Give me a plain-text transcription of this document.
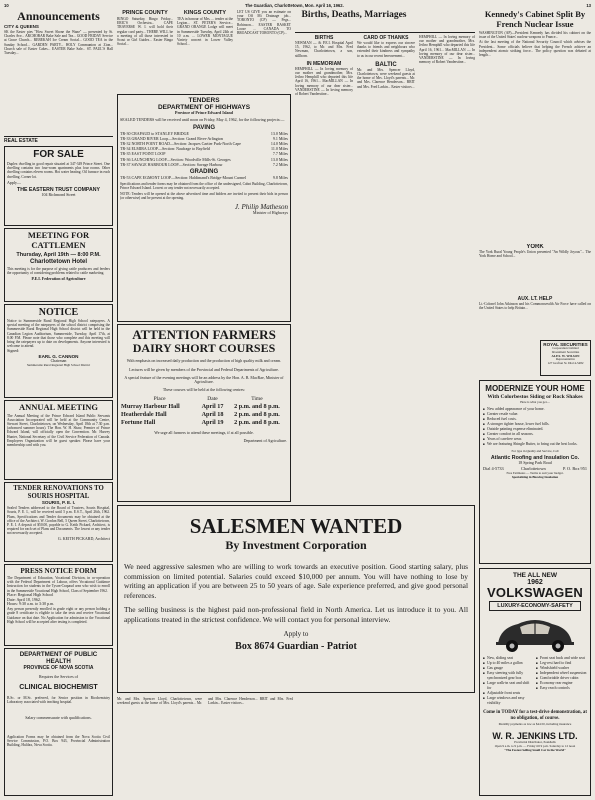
10	The Guardian, Charlottetown, Mon. April 16, 1962.	13
Announcements
CITY & QUEENS
SK the Easter pies "How Sweet Shone the Wane" — presented by St. Charles Ave... ARCHOBAR Bake Sale and Tea... GOOD FRIDAY Service at Grace Church... REBEKAH Ice Cream Social... GOOD TEA in the Sunday School... GARDEN PARTY... HOLY Communion at Zion... Church sale of Easter Cakes... EASTER Bake Sale... ST. PAUL'S Hall Tuesday...
REAL ESTATE
FOR SALE
Duplex dwelling in good repair situated at 347-349 Prince Street. One dwelling contains two four-room apartments plus four rooms. Other dwelling contains eleven rooms. Hot water heating. Oil furnace in each dwelling. Corner lot.
Apply—
THE EASTERN TRUST COMPANY
104 Richmond Street
MEETING FOR CATTLEMEN
Thursday, April 19th — 8:00 P.M.
Charlottetown Hotel
This meeting is for the purpose of giving cattle producers and feeders the opportunity of considering problems related to cattle marketing.
P.E.I. Federation of Agriculture
NOTICE
Notice to Summerside Rural Regional High School ratepayers. A special meeting of the ratepayers of the school district comprising the Summerside Rural Regional High School district will be held in the Canadian Legion Auditorium, Summerside, Tuesday, April 17th, at 8.00 P.M. Please note that those who complete and this meeting will bring the ratepayers up to date on developments. Anyone interested is welcome to attend.
Signed:
EARL G. CANNON
Chairman
Summerside Rural Regional High School District
ANNUAL MEETING
The Annual Meeting of the Prince Edward Island Public Servants Association Incorporated will be held at the Community Centre, Stewart Street, Charlottetown, on Wednesday, April 18th at 7.30 p.m. (advanced summer hours). The Hon. W. H. Shaw, Premier of Prince Edward Island, will officially open the Convention. Mr. Harvey Hunter, National Secretary of the Civil Service Federation of Canada. Employees Organization will be guest speaker. Please have your membership card with you.
TENDER RENOVATIONS TO SOURIS HOSPITAL
SOURIS, P. E. I.
Sealed Tenders addressed to the Board of Trustees, Souris Hospital, Souris, P. E. I., will be received until 5 p.m. E.S.T., April 26th, 1962. Plans, Specifications and Tender documents may be obtained at the office of the Architect, W. Gordon Bell, 5 Queen Street, Charlottetown, P. E. I. A deposit of $50.00, payable to G. Keith Pickard, Architect, is required for each set of Plans and Documents. The lowest or any tender not necessarily accepted.
G. KEITH PICKARD, Architect
PRESS NOTICE FORM
The Department of Education, Vocational Division, in co-operation with the Federal Department of Labour, offers Vocational Guidance Instruction for students in the Tyson-Crapaud area who wish to enroll in the Summerside Vocational High School, Class of September 1962.
Place: Regional High School
Date: April 18, 1962.
Hours: 9:30 a.m. to 3:30 p.m.
Any person presently enrolled in grade eight or any person holding a grade 8 certificate is eligible to take the tests and receive Vocational Guidance on that date. No Application for admission to the Vocational High School will be accepted after testing is completed.
DEPARTMENT OF PUBLIC HEALTH
PROVINCE OF NOVA SCOTIA
Requires the Services of
CLINICAL BIOCHEMIST
B.Sc. or M.Sc. preferred, for Senior position in Biochemistry Laboratory associated with teaching hospital.
Salary commensurate with qualifications.
Application Forms may be obtained from the Nova Scotia Civil Service Commission, P.O. Box 943, Provincial Administration Building, Halifax, Nova Scotia.
PRINCE COUNTY
BINGO Saturday, Bingo Friday... ERIC'S Orchestra... CAPE TRAVERSE W. I. will hold their regular card party... THERE WILL be a meeting of all those interested in Scout or Girl Guides... Easter Bingo Social...
KINGS COUNTY
TEA in honour of Mrs. ... tender at the Legion... ST. PETER'S Service... GRAND ORANGE Lodge will meet in Summerside Tuesday, April 24th at 10 a.m. ... LOWER MONTAGUE Variety concert in Lower Valley School...
LET US GIVE you an estimate on your Off Mi Drainage job... TORONTO (CP) — Pegs... Robinson... EASTER BASKET Loose ... CANADA TO BROADCAST TORONTO (CP)...
TENDERS
DEPARTMENT OF HIGHWAYS
Province of Prince Edward Island
SEALED TENDERS will be received until noon on Friday, May 4, 1962, for the following projects:—
PAVING
TR-30 CRAPAUD to STANLEY BRIDGE	13.0 Miles
TR-33 GRAND RIVER Loop—Section: Grand River-Arlington	9.1 Miles
TR-32 NORTH POINT ROAD—Section: Jacques Cartier Park-North Cape	14.0 Miles
TR-34 ELMIRA LOOP—Section: Naufrage to Bayfield	11.0 Miles
TR-35 EAST POINT LOOP	7.7 Miles
TR-36 LAUNCHING LOOP—Section: Woodville Mills-St. Georges	13.0 Miles
TR-37 SAVAGE HARBOUR LOOP—Section: Savage Harbour	7.2 Miles
GRADING
TR-53 CAPE EGMONT LOOP—Section: Haldimand's Bridge-Mount Carmel	9.8 Miles
Specifications and tender forms may be obtained from the office of the undersigned, Cabot Building, Charlottetown, Prince Edward Island. Lowest or any tender not necessarily accepted.
NOTE: Tenders will be opened at the above advertised time and bidders are invited to present their bids in person (or otherwise) and be present at the opening.
J. Philip Matheson
Minister of Highways
ATTENTION FARMERS
DAIRY SHORT COURSES
With emphasis on increased daily production and the production of high quality milk and cream.
Lectures will be given by members of the Provincial and Federal Departments of Agriculture.
A special feature of the evening meetings will be an address by the Hon. A. B. MacRae, Minister of Agriculture.
These courses will be held at the following centres:
Place	Date	Time
Murray Harbour Hall	April 17	2 p.m. and 8 p.m.
Heatherdale Hall	April 18	2 p.m. and 8 p.m.
Fortune Hall	April 19	2 p.m. and 8 p.m.
We urge all farmers to attend these meetings, if at all possible.
Department of Agriculture.
SALESMEN WANTED
By Investment Corporation
We need aggressive salesmen who are willing to work towards an executive position. Good starting salary, plus commission on limited potential. Salaries could exceed $10,000 per annum. You will have nothing to lose by writing an application if you are between 25 to 50 years of age. Sale experience preferred, and give good personal references.
The selling business is the highest paid non-professional field in North America. Let us introduce it to you. All applications treated in the strictest confidence. We will contact you for personal interview.
Apply to
Box 8674 Guardian - Patriot
Births, Deaths, Marriages
BIRTHS
NEWMAN — At P.E.I. Hospital April 15, 1962, to Mr. and Mrs. Fred Newman, Charlottetown, a son, stillborn.
IN MEMORIAM
HEMPHILL — In loving memory of our mother and grandmother, Mrs. Jethro Hemphill who departed this life April 16, 1961... MacMILLAN — In loving memory of our dear sister... VANDERSTINE — In loving memory of Robert Vanderstine...
CARD OF THANKS
We would like to express our sincere thanks to friends and neighbours who extended their kindness and sympathy to us in our recent bereavement...
BALTIC
Mr. and Mrs. Spencer Lloyd, Charlottetown, were weekend guests at the home of Mrs. Lloyd's parents... Mr. and Mrs. Clarence Henderson... BRIT and Mrs. Fred Larkin... Easter visitors...
HEMPHILL — In loving memory of our mother and grandmother, Mrs. Jethro Hemphill who departed this life April 16, 1961... MacMILLAN — In loving memory of our dear sister... VANDERSTINE — In loving memory of Robert Vanderstine...
Kennedy's Cabinet Split By French Nuclear Issue
WASHINGTON (AP)—President Kennedy has divided his cabinet on the issue of the United States' nuclear weapons to France...
At the last meeting of the National Security Council which advises the President... Some officials believe that helping the French achieve an independent atomic striking force... The policy question was debated at length...
YORK
The York Rural Young People's Union presented "An Wildly Joyous"... The York Home and School...
AUX. LT. HELP
Lt.-Colonel John Atkinson and his Commonwealth Air Force have called on the United States to help Britain...
ROYAL SECURITIES
Corporation Limited
Investment Securities
ALEX. W. WILSON
Representative
127 Grafton St. Dial 4-5482
MODERNIZE YOUR HOME
With Colorbestos Siding or Rock Shakes
Here is what you get—
■ New added appearance of your home.
■ Greater resale value.
■ Reduced fuel costs.
■ A stronger tighter house, lower fuel bills.
■ Outside painting expense eliminated.
■ Greater comfort in all seasons.
■ Years of carefree wear.
■ We are featuring Shingle Butter, to bring out the best looks.
For type in Quality and Service, Call
Atlantic Roofing and Insulation Co.
18 Spring Park Road
Dial 4-5733	Charlottetown	P. O. Box 951
Free Estimates — Terms to suit your budget.
Specializing in Blowing Insulation
THE ALL NEW
1962
VOLKSWAGEN
LUXURY-ECONOMY-SAFETY
■ New, sliding seat
■ Up to 40 miles a gallon
■ Gas gauge
■ Easy steering with fully synchronized gear box
■ Large walk-in seat and shift for
■ Adjustable front seats
■ Large windows and easy visibility
■ Front seat back and wide seat
■ Leg-rest hard to find
■ Windshield washer
■ Independent wheel suspension
■ Comfortable driver cabin
■ Economy rear engine
■ Easy reach controls
Come in TODAY for a test-drive demonstration, at no obligation, of course.
Monthly payments as low as $44.50, including insurance
W. R. JENKINS LTD.
Provincial Distributor, Peakhalls
Open 9 a.m. to 9 p.m. — Friday till 9 p.m. Saturday to 12 noon
"The Fastest Selling Small Car in the World"
Mr. and Mrs. Spencer Lloyd, Charlottetown, were weekend guests at the home of Mrs. Lloyd's parents... Mr. and Mrs. Clarence Henderson... BRIT and Mrs. Fred Larkin... Easter visitors...
